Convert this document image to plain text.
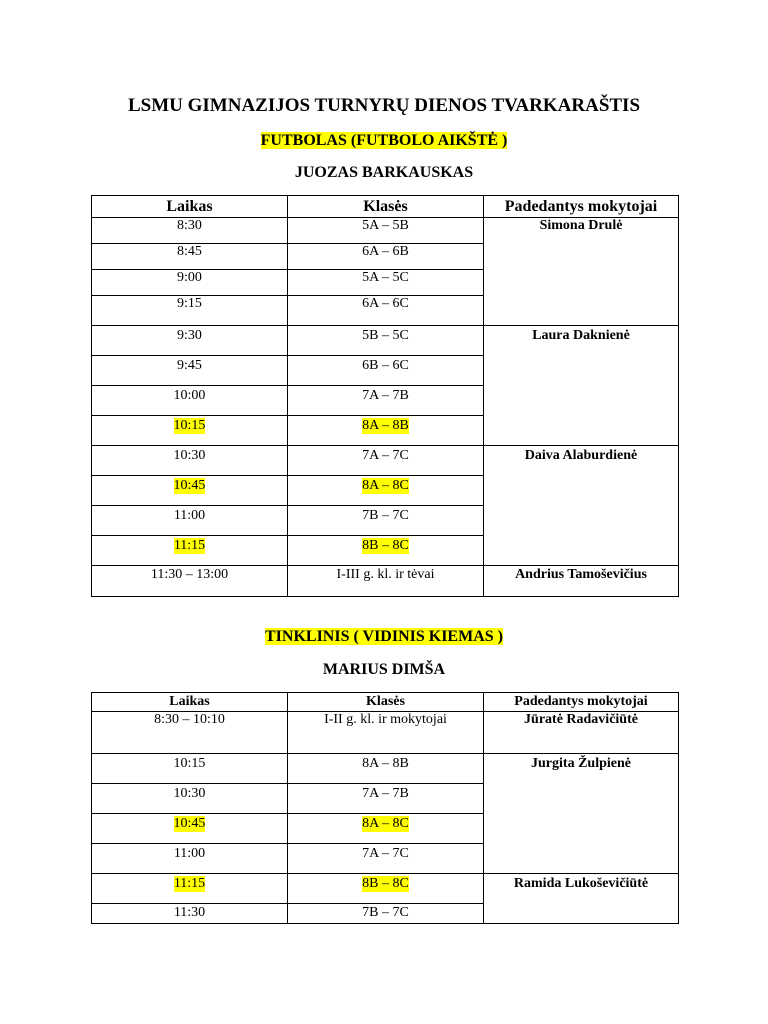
LSMU GIMNAZIJOS TURNYRŲ DIENOS TVARKARAŠTIS
FUTBOLAS (FUTBOLO AIKŠTĖ )
JUOZAS BARKAUSKAS
Laikas	Klasės	Padedantys mokytojai
8:30	5A – 5B	Simona Drulė
8:45	6A – 6B	
9:00	5A – 5C	
9:15	6A – 6C	
9:30	5B – 5C	Laura Daknienė
9:45	6B – 6C	
10:00	7A – 7B	
10:15	8A – 8B	
10:30	7A – 7C	Daiva Alaburdienė
10:45	8A – 8C	
11:00	7B – 7C	
11:15	8B – 8C	
11:30 – 13:00	I-III g. kl. ir tėvai	Andrius Tamoševičius
TINKLINIS ( VIDINIS KIEMAS )
MARIUS DIMŠA
Laikas	Klasės	Padedantys mokytojai
8:30 – 10:10	I-II g. kl. ir mokytojai	Jūratė Radavičiūtė
10:15	8A – 8B	Jurgita Žulpienė
10:30	7A – 7B	
10:45	8A – 8C	
11:00	7A – 7C	
11:15	8B – 8C	Ramida Lukoševičiūtė
11:30	7B – 7C	
